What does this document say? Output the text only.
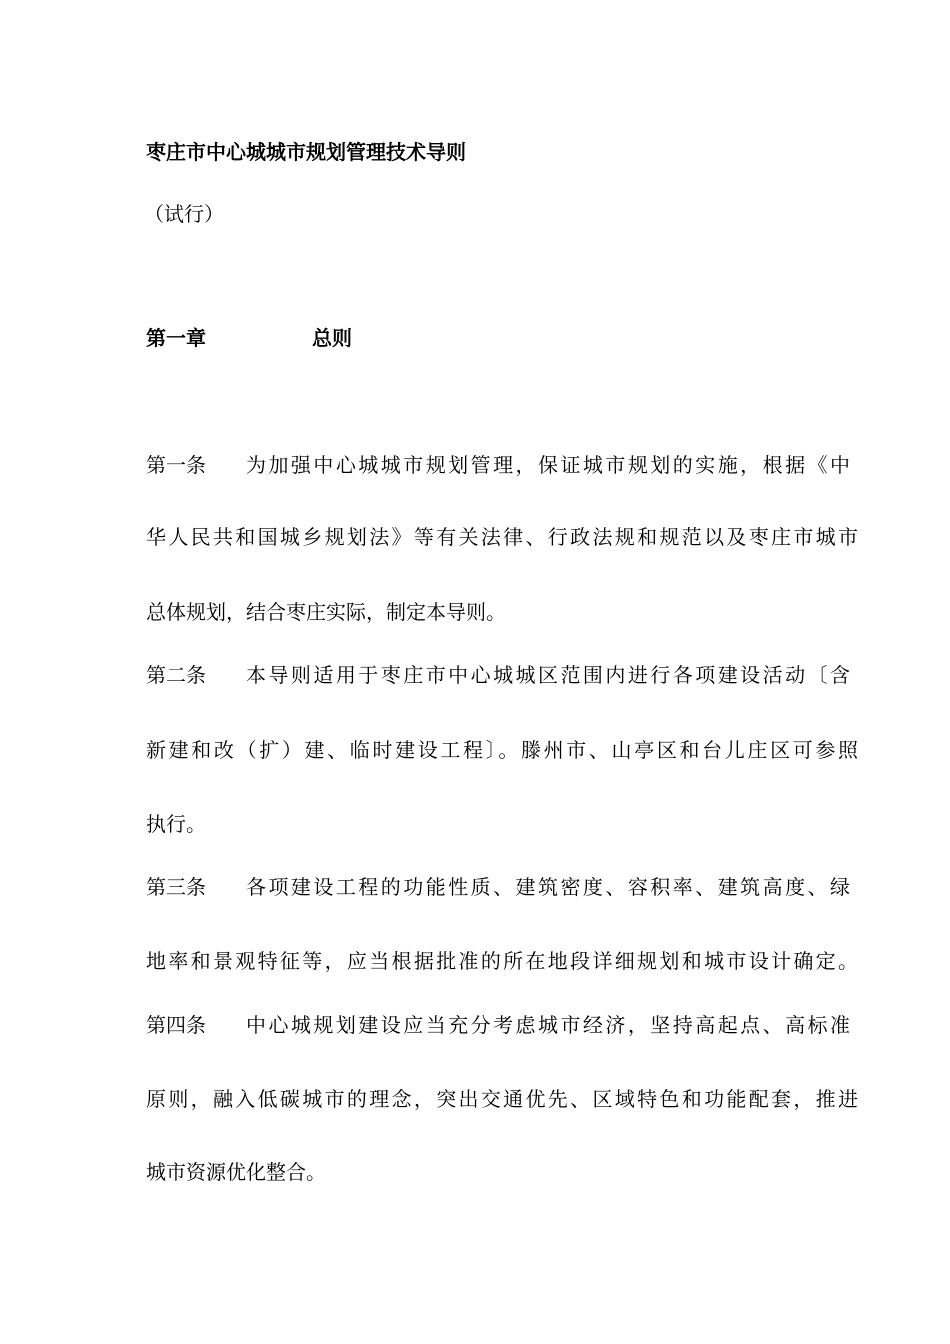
枣庄市中心城城市规划管理技术导则
（试行）
第一章	总则
第一条 为加强中心城城市规划管理，保证城市规划的实施，根据《中
华人民共和国城乡规划法》等有关法律、行政法规和规范以及枣庄市城市
总体规划，结合枣庄实际，制定本导则。
第二条 本导则适用于枣庄市中心城城区范围内进行各项建设活动〔含
新建和改（扩）建、临时建设工程〕。滕州市、山亭区和台儿庄区可参照
执行。
第三条 各项建设工程的功能性质、建筑密度、容积率、建筑高度、绿
地率和景观特征等，应当根据批准的所在地段详细规划和城市设计确定。
第四条 中心城规划建设应当充分考虑城市经济，坚持高起点、高标准
原则，融入低碳城市的理念，突出交通优先、区域特色和功能配套，推进
城市资源优化整合。
